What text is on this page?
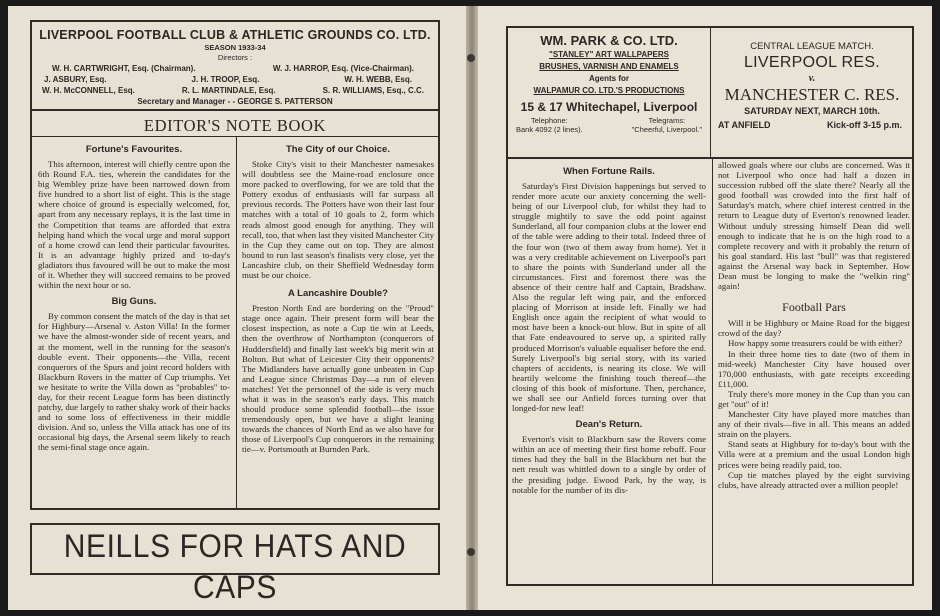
LIVERPOOL FOOTBALL CLUB & ATHLETIC GROUNDS CO. LTD.
SEASON 1933-34
Directors :
W. H. CARTWRIGHT, Esq. (Chairman).	W. J. HARROP, Esq. (Vice-Chairman).
J. ASBURY, Esq.	J. H. TROOP, Esq.	W. H. WEBB, Esq.
W. H. McCONNELL, Esq.	R. L. MARTINDALE, Esq.	S. R. WILLIAMS, Esq., C.C.
Secretary and Manager - - GEORGE S. PATTERSON
EDITOR'S NOTE BOOK
Fortune's Favourites.

This afternoon, interest will chiefly centre upon the 6th Round F.A. ties, wherein the candidates for the big Wembley prize have been narrowed down from five hundred to a short list of eight. This is the stage where choice of ground is especially welcomed, for, apart from any necessary replays, it is the last time in the Competition that teams are afforded that extra helping hand which the vocal urge and moral support of a home crowd can lend their particular favourites. It is an advantage highly prized and to-day's gladiators thus favoured will be out to make the most of it. Whether they will succeed remains to be proved within the next hour or so.

Big Guns.

By common consent the match of the day is that set for Highbury—Arsenal v. Aston Villa! In the former we have the almost-wonder side of recent years, and at the moment, well in the running for the season's double event. Their opponents—the Villa, recent conquerors of the Spurs and joint record holders with Blackburn Rovers in the matter of Cup triumphs. Yet we hesitate to write the Villa down as "probables" to-day, for their recent League form has been distinctly patchy, due largely to rather shaky work of their backs and to some loss of effectiveness in their middle division. And so, unless the Villa attack has one of its occasional big days, the Arsenal seem likely to reach the semi-final stage once again.

The City of our Choice.

Stoke City's visit to their Manchester namesakes will doubtless see the Maine-road enclosure once more packed to overflowing, for we are told that the Pottery exodus of enthusiasts will far surpass all previous records. The Potters have won their last four matches with a total of 10 goals to 2, form which reads almost good enough for anything. They will recall, too, that when last they visited Manchester City in the Cup they came out on top. They are almost bound to run last season's finalists very close, yet the Lancashire club, on their Sheffield Wednesday form must be our choice.

A Lancashire Double?

Preston North End are bordering on the "Proud" stage once again. Their present form will bear the closest inspection, as note a Cup tie win at Leeds, then the overthrow of Northampton (conquerors of Huddersfield) and finally last week's big merit win at Bolton. But what of Leicester City their opponents? The Midlanders have actually gone unbeaten in Cup and League since Christmas Day—a run of eleven matches! Yet the personnel of the side is very much what it was in the season's early days. This match should produce some splendid football—the issue tremendously open, but we have a slight leaning towards the chances of North End as we also have for those of Liverpool's Cup conquerors in the remaining tie—v. Portsmouth at Burnden Park.

NEILLS FOR HATS AND CAPS
WM. PARK & CO. LTD.
"STANLEY" ART WALLPAPERS
BRUSHES, VARNISH AND ENAMELS
Agents for
WALPAMUR CO. LTD.'S PRODUCTIONS
15 & 17 Whitechapel, Liverpool
Telephone:
Bank 4092 (2 lines).
Telegrams:
"Cheerful, Liverpool."
CENTRAL LEAGUE MATCH.
LIVERPOOL RES.
v.
MANCHESTER C. RES.
SATURDAY NEXT, MARCH 10th.
AT ANFIELD	Kick-off 3-15 p.m.
When Fortune Rails.

Saturday's First Division happenings but served to render more acute our anxiety concerning the well-being of our Liverpool club, for whilst they had to struggle mightily to save the odd point against Sunderland, all four companion clubs at the lower end of the table were adding to their total. Indeed three of the four won (two of them away from home). Yet it was a very creditable achievement on Liverpool's part to share the points with Sunderland under all the circumstances. First and foremost there was the absence of their centre half and Captain, Bradshaw. Also the regular left wing pair, and the enforced placing of Morrison at inside left. Finally we had English once again the recipient of what would to most have been a knock-out blow. But in spite of all that Fate endeavoured to serve up, a spirited rally produced Morrison's valuable equaliser before the end. Surely Liverpool's big serial story, with its varied chapters of accidents, is nearing its close. We will heartily welcome the finishing touch thereof—the closing of this book of misfortune. Then, perchance, we shall see our Anfield forces turning over that longed-for new leaf!

Dean's Return.

Everton's visit to Blackburn saw the Rovers come within an ace of meeting their first home rebuff. Four times had they the ball in the Blackburn net but the nett result was whittled down to a single by order of the presiding judge. Ewood Park, by the way, is notable for the number of its dis-

allowed goals where our clubs are concerned. Was it not Liverpool who once had half a dozen in succession rubbed off the slate there? Nearly all the good football was crowded into the first half of Saturday's match, where chief interest centred in the return to League duty of Everton's renowned leader. Without unduly stressing himself Dean did well enough to indicate that he is on the high road to a complete recovery and with it probably the return of his goal standard. His last "bull" was that registered against the Arsenal way back in September. How Dean must be longing to make the "welkin ring" again!

Football Pars

Will it be Highbury or Maine Road for the biggest crowd of the day?

How happy some treasurers could be with either?

In their three home ties to date (two of them in mid-week) Manchester City have housed over 170,000 enthusiasts, with gate receipts exceeding £11,000.

Truly there's more money in the Cup than you can get "out" of it!

Manchester City have played more matches than any of their rivals—five in all. This means an added strain on the players.

Stand seats at Highbury for to-day's bout with the Villa were at a premium and the usual London high prices were being readily paid, too.

Cup tie matches played by the eight surviving clubs, have already attracted over a million people!
